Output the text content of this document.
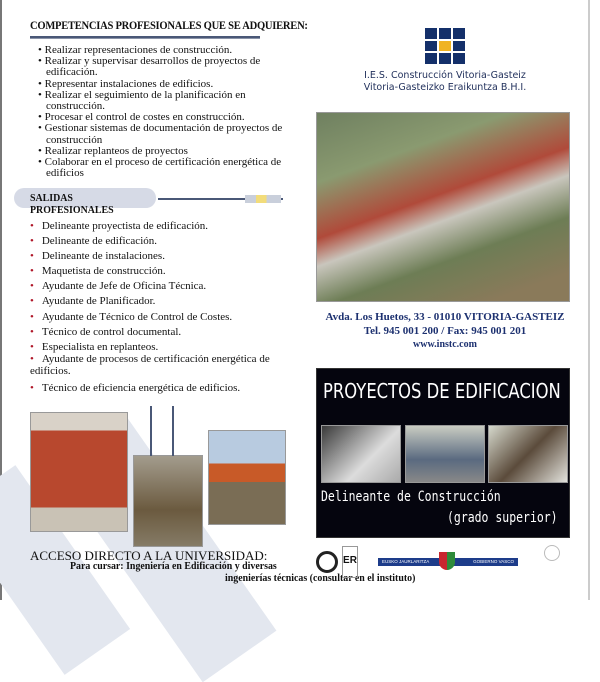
COMPETENCIAS PROFESIONALES QUE SE ADQUIEREN:
• Realizar representaciones de construcción.
• Realizar y supervisar desarrollos de proyectos de edificación.
• Representar instalaciones de edificios.
• Realizar el seguimiento de la planificación en construcción.
• Procesar el control de costes en construcción.
• Gestionar sistemas de documentación de proyectos de construcción
• Realizar replanteos de proyectos
• Colaborar en el proceso de certificación energética de edificios
SALIDAS PROFESIONALES
• Delineante proyectista de edificación.
• Delineante de edificación.
• Delineante de instalaciones.
• Maquetista de construcción.
• Ayudante de Jefe de Oficina Técnica.
• Ayudante de Planificador.
• Ayudante de Técnico de Control de Costes.
• Técnico de control documental.
• Especialista en replanteos.
• Ayudante de procesos de certificación energética de edificios.
• Técnico de eficiencia energética de edificios.
ACCESO DIRECTO A LA UNIVERSIDAD:
Para cursar: Ingeniería en Edificación y diversas
ingenierías técnicas (consultar en el instituto)
I.E.S. Construcción Vitoria-Gasteiz
Vitoria-Gasteizko Eraikuntza B.H.I.
Avda. Los Huetos, 33 - 01010 VITORIA-GASTEIZ
Tel. 945 001 200 / Fax: 945 001 201
www.instc.com
PROYECTOS DE EDIFICACION
Delineante de Construcción
(grado superior)
ER	EUSKO JAURLARITZA	GOBIERNO VASCO
